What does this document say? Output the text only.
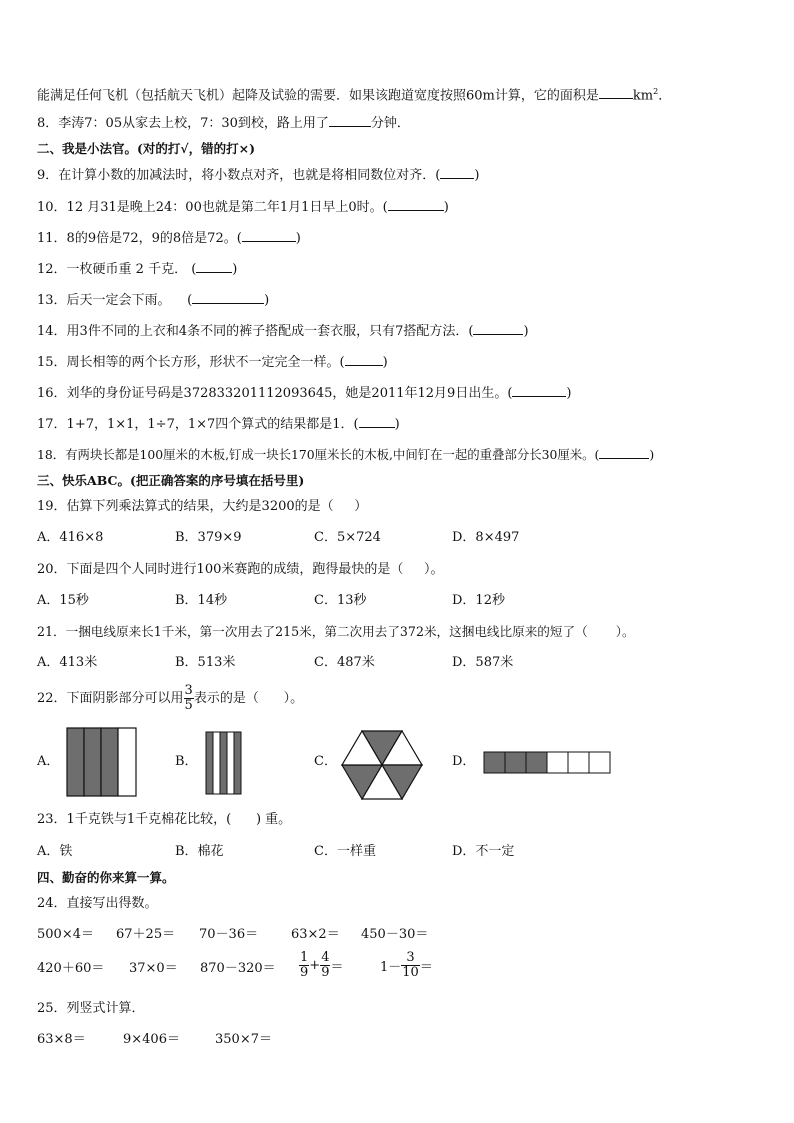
能满足任何飞机（包括航天飞机）起降及试验的需要．如果该跑道宽度按照60m计算，它的面积是	$km^2$．
8．李涛7：05从家去上校，7：30到校，路上用了	分钟．
二、我是小法官。(对的打√，错的打×)
9．在计算小数的加减法时，将小数点对齐，也就是将相同数位对齐．(	)
10．12 月31是晚上24：00也就是第二年1月1日早上0时。(	)
11．8的9倍是72，9的8倍是72。(	)
12．一枚硬币重 2 千克． (	)
13．后天一定会下雨。    (	)
14．用3件不同的上衣和4条不同的裤子搭配成一套衣服，只有7搭配方法．(	)
15．周长相等的两个长方形，形状不一定完全一样。(	)
16．刘华的身份证号码是372833201112093645，她是2011年12月9日出生。(	)
17．1+7，1×1，1÷7，1×7四个算式的结果都是1．(	)
18．有两块长都是100厘米的木板,钉成一块长170厘米长的木板,中间钉在一起的重叠部分长30厘米。(	)
三、快乐ABC。(把正确答案的序号填在括号里)
19．估算下列乘法算式的结果，大约是3200的是（     ）
A．416×8	B．379×9	C．5×724	D．8×497
20．下面是四个人同时进行100米赛跑的成绩，跑得最快的是（     ）。
A．15秒	B．14秒	C．13秒	D．12秒
21．一捆电线原来长1千米，第一次用去了215米，第二次用去了372米，这捆电线比原来的短了（       ）。
A．413米	B．513米	C．487米	D．587米
22．下面阴影部分可以用 $\frac{3}{5}$ 表示的是（      ）。
A．	B．	C．	D．
23．1千克铁与1千克棉花比较，(      ) 重。
A．铁	B．棉花	C．一样重	D．不一定
四、勤奋的你来算一算。
24．直接写出得数。
500×4＝ 67＋25＝ 70－36＝	63×2＝ 450－30＝
$420+60= 37\times 0= 870-320= \frac{1}{9} + \frac{4}{9}$ ＝	$1- \frac{3}{10}$ ＝
25．列竖式计算．
63×8＝	9×406＝	350×7＝
